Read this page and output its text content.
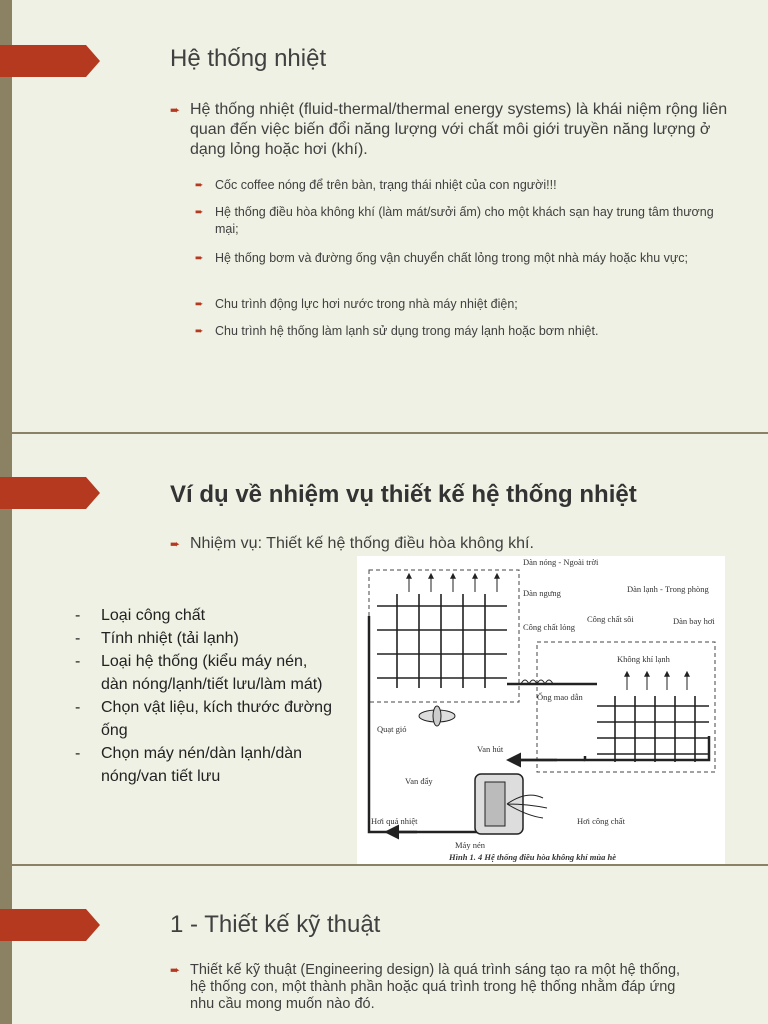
Hệ thống nhiệt
➨ Hệ thống nhiệt (fluid-thermal/thermal energy systems) là khái niệm rộng liên quan đến việc biến đổi năng lượng với chất môi giới truyền năng lượng ở dạng lỏng hoặc hơi (khí).
➨ Cốc coffee nóng để trên bàn, trạng thái nhiệt của con người!!!
➨ Hệ thống điều hòa không khí (làm mát/sưởi ấm) cho một khách sạn hay trung tâm thương mại;
➨ Hệ thống bơm và đường ống vận chuyển chất lỏng trong một nhà máy hoặc khu vực;
➨ Chu trình động lực hơi nước trong nhà máy nhiệt điện;
➨ Chu trình hệ thống làm lạnh sử dụng trong máy lạnh hoặc bơm nhiệt.
Ví dụ về nhiệm vụ thiết kế hệ thống nhiệt
➨ Nhiệm vụ: Thiết kế hệ thống điều hòa không khí.
- Loại công chất
- Tính nhiệt (tải lạnh)
- Loại hệ thống (kiểu máy nén, dàn nóng/lạnh/tiết lưu/làm mát)
- Chọn vật liệu, kích thước đường ống
- Chọn máy nén/dàn lạnh/dàn nóng/van tiết lưu
Dàn nóng - Ngoài trời
Dàn ngưng	Dàn lạnh - Trong phòng
Công chất sôi	Dàn bay hơi
Công chất lỏng
Không khí lạnh
Ống mao dẫn
Quạt gió
Van hút
Van đẩy
Hơi quá nhiệt	Hơi công chất
Máy nén
Hình 1. 4 Hệ thống điều hòa không khí mùa hè
1 - Thiết kế kỹ thuật
➨ Thiết kế kỹ thuật (Engineering design) là quá trình sáng tạo ra một hệ thống, hệ thống con, một thành phần hoặc quá trình trong hệ thống nhằm đáp ứng nhu cầu mong muốn nào đó.
